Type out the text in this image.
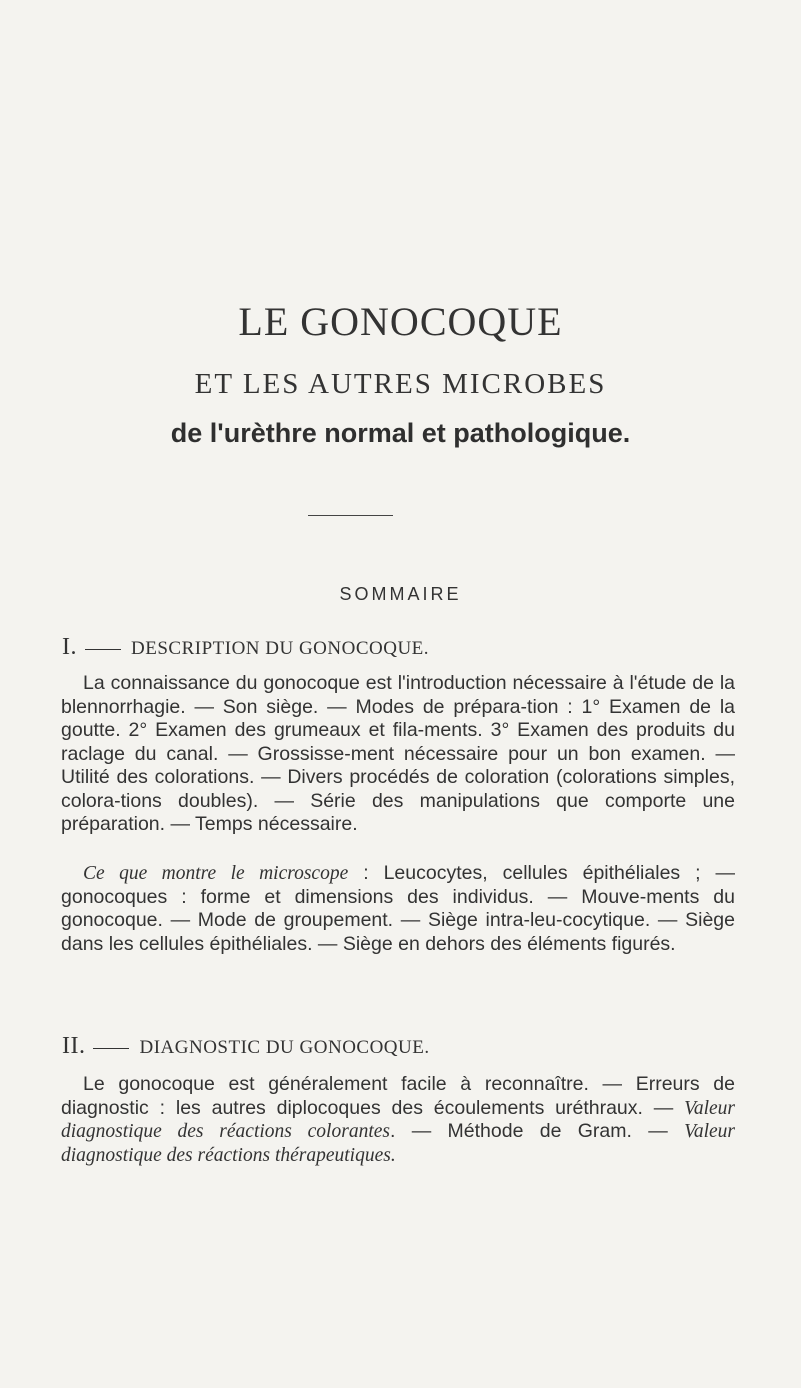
LE GONOCOQUE
ET LES AUTRES MICROBES
de l'urèthre normal et pathologique.
SOMMAIRE
I.	DESCRIPTION DU GONOCOQUE.
La connaissance du gonocoque est l'introduction nécessaire à l'étude de la blennorrhagie. — Son siège. — Modes de prépara-tion : 1° Examen de la goutte. 2° Examen des grumeaux et fila-ments. 3° Examen des produits du raclage du canal. — Grossisse-ment nécessaire pour un bon examen. — Utilité des colorations. — Divers procédés de coloration (colorations simples, colora-tions doubles). — Série des manipulations que comporte une préparation. — Temps nécessaire.
Ce que montre le microscope : Leucocytes, cellules épithéliales ; — gonocoques : forme et dimensions des individus. — Mouve-ments du gonocoque. — Mode de groupement. — Siège intra-leu-cocytique. — Siège dans les cellules épithéliales. — Siège en dehors des éléments figurés.
II.	DIAGNOSTIC DU GONOCOQUE.
Le gonocoque est généralement facile à reconnaître. — Erreurs de diagnostic : les autres diplocoques des écoulements uréthraux. — Valeur diagnostique des réactions colorantes. — Méthode de Gram. — Valeur diagnostique des réactions thérapeutiques.
